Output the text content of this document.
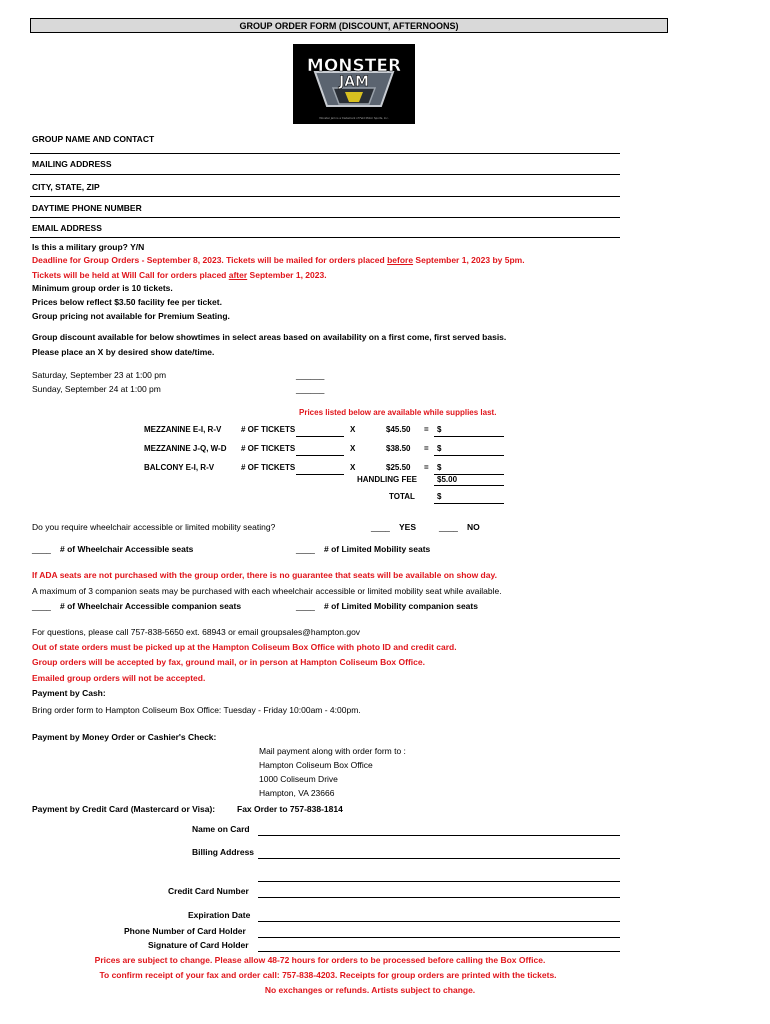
GROUP ORDER FORM (DISCOUNT, AFTERNOONS)
MONSTER
JAM
Monster Jam is a trademark of Feld Motor Sports, Inc.
GROUP NAME AND CONTACT
MAILING ADDRESS
CITY, STATE, ZIP
DAYTIME PHONE NUMBER
EMAIL ADDRESS
Is this a military group? Y/N
Deadline for Group Orders - September 8, 2023. Tickets will be mailed for orders placed before September 1, 2023 by 5pm.
Tickets will be held at Will Call for orders placed after September 1, 2023.
Minimum group order is 10 tickets.
Prices below reflect $3.50 facility fee per ticket.
Group pricing not available for Premium Seating.
Group discount available for below showtimes in select areas based on availability on a first come, first served basis.
Please place an X by desired show date/time.
Saturday, September 23 at 1:00 pm	______
Sunday, September 24 at 1:00 pm	______
Prices listed below are available while supplies last.
MEZZANINE E-I, R-V # OF TICKETS	X	$45.50 = $
MEZZANINE J-Q, W-D # OF TICKETS	X	$38.50 = $
BALCONY E-I, R-V	# OF TICKETS	X	$25.50 = $
HANDLING FEE	$5.00
TOTAL	$
Do you require wheelchair accessible or limited mobility seating?	____ YES	____ NO
____ # of Wheelchair Accessible seats	____ # of Limited Mobility seats
If ADA seats are not purchased with the group order, there is no guarantee that seats will be available on show day.
A maximum of 3 companion seats may be purchased with each wheelchair accessible or limited mobility seat while available.
____ # of Wheelchair Accessible companion seats	____ # of Limited Mobility companion seats
For questions, please call 757-838-5650 ext. 68943 or email groupsales@hampton.gov
Out of state orders must be picked up at the Hampton Coliseum Box Office with photo ID and credit card.
Group orders will be accepted by fax, ground mail, or in person at Hampton Coliseum Box Office.
Emailed group orders will not be accepted.
Payment by Cash:
Bring order form to Hampton Coliseum Box Office: Tuesday - Friday 10:00am - 4:00pm.
Payment by Money Order or Cashier's Check:
Mail payment along with order form to :
Hampton Coliseum Box Office
1000 Coliseum Drive
Hampton, VA 23666
Payment by Credit Card (Mastercard or Visa):	Fax Order to 757-838-1814
Name on Card
Billing Address
Credit Card Number
Expiration Date
Phone Number of Card Holder
Signature of Card Holder
Prices are subject to change. Please allow 48-72 hours for orders to be processed before calling the Box Office.
To confirm receipt of your fax and order call: 757-838-4203. Receipts for group orders are printed with the tickets.
No exchanges or refunds. Artists subject to change.
